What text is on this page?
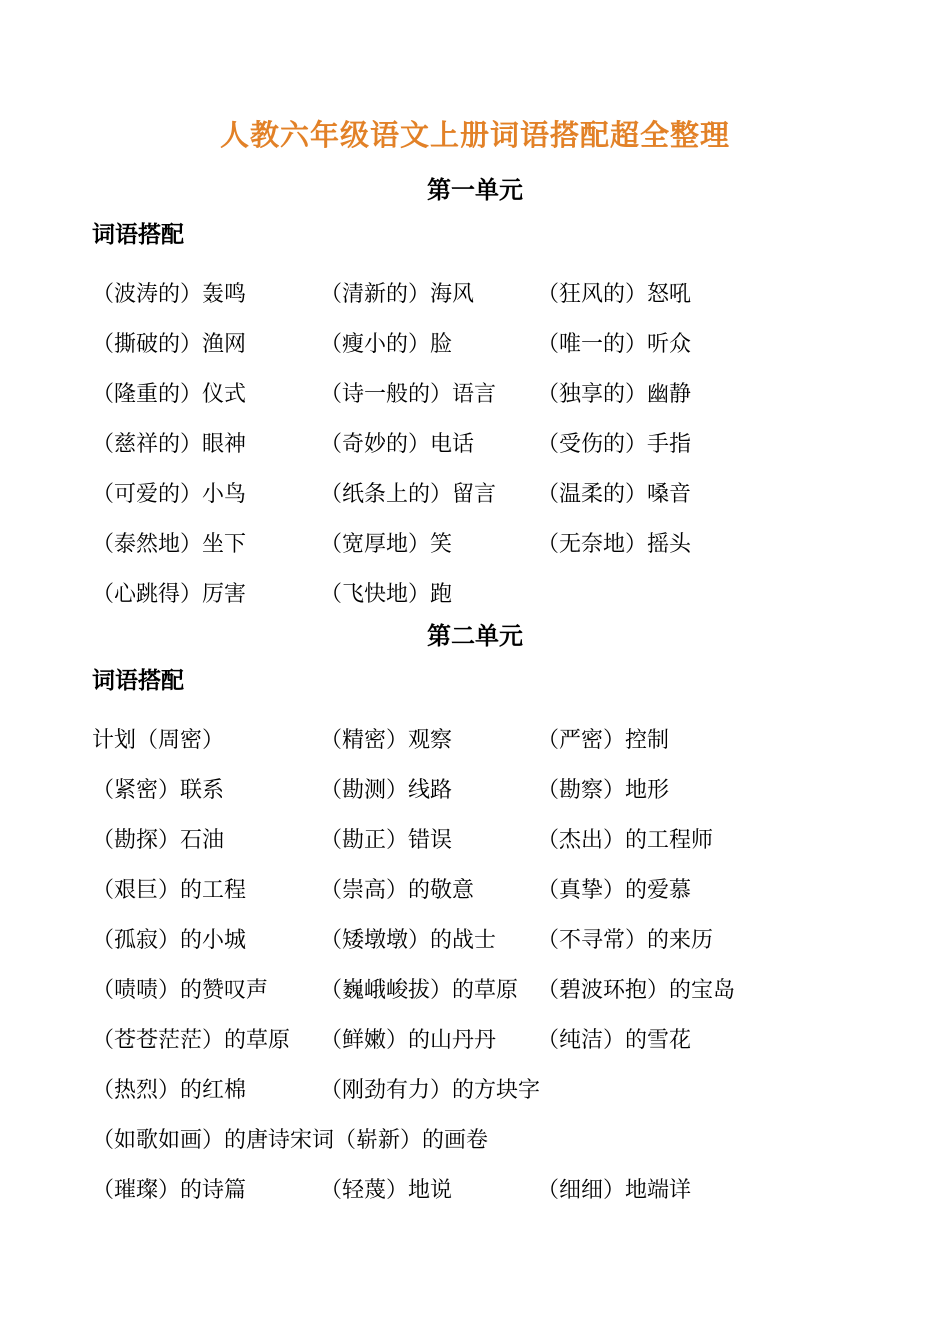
人教六年级语文上册词语搭配超全整理
第一单元
词语搭配
（波涛的）轰鸣	（清新的）海风	（狂风的）怒吼
（撕破的）渔网	（瘦小的）脸	（唯一的）听众
（隆重的）仪式	（诗一般的）语言	（独享的）幽静
（慈祥的）眼神	（奇妙的）电话	（受伤的）手指
（可爱的）小鸟	（纸条上的）留言	（温柔的）嗓音
（泰然地）坐下	（宽厚地）笑	（无奈地）摇头
（心跳得）厉害	（飞快地）跑
第二单元
词语搭配
计划（周密）	（精密）观察	（严密）控制
（紧密）联系	（勘测）线路	（勘察）地形
（勘探）石油	（勘正）错误	（杰出）的工程师
（艰巨）的工程	（崇高）的敬意	（真挚）的爱慕
（孤寂）的小城	（矮墩墩）的战士	（不寻常）的来历
（啧啧）的赞叹声	（巍峨峻拔）的草原 （碧波环抱）的宝岛
（苍苍茫茫）的草原	（鲜嫩）的山丹丹	（纯洁）的雪花
（热烈）的红棉	（刚劲有力）的方块字
（如歌如画）的唐诗宋词 （崭新）的画卷
（璀璨）的诗篇	（轻蔑）地说	（细细）地端详
